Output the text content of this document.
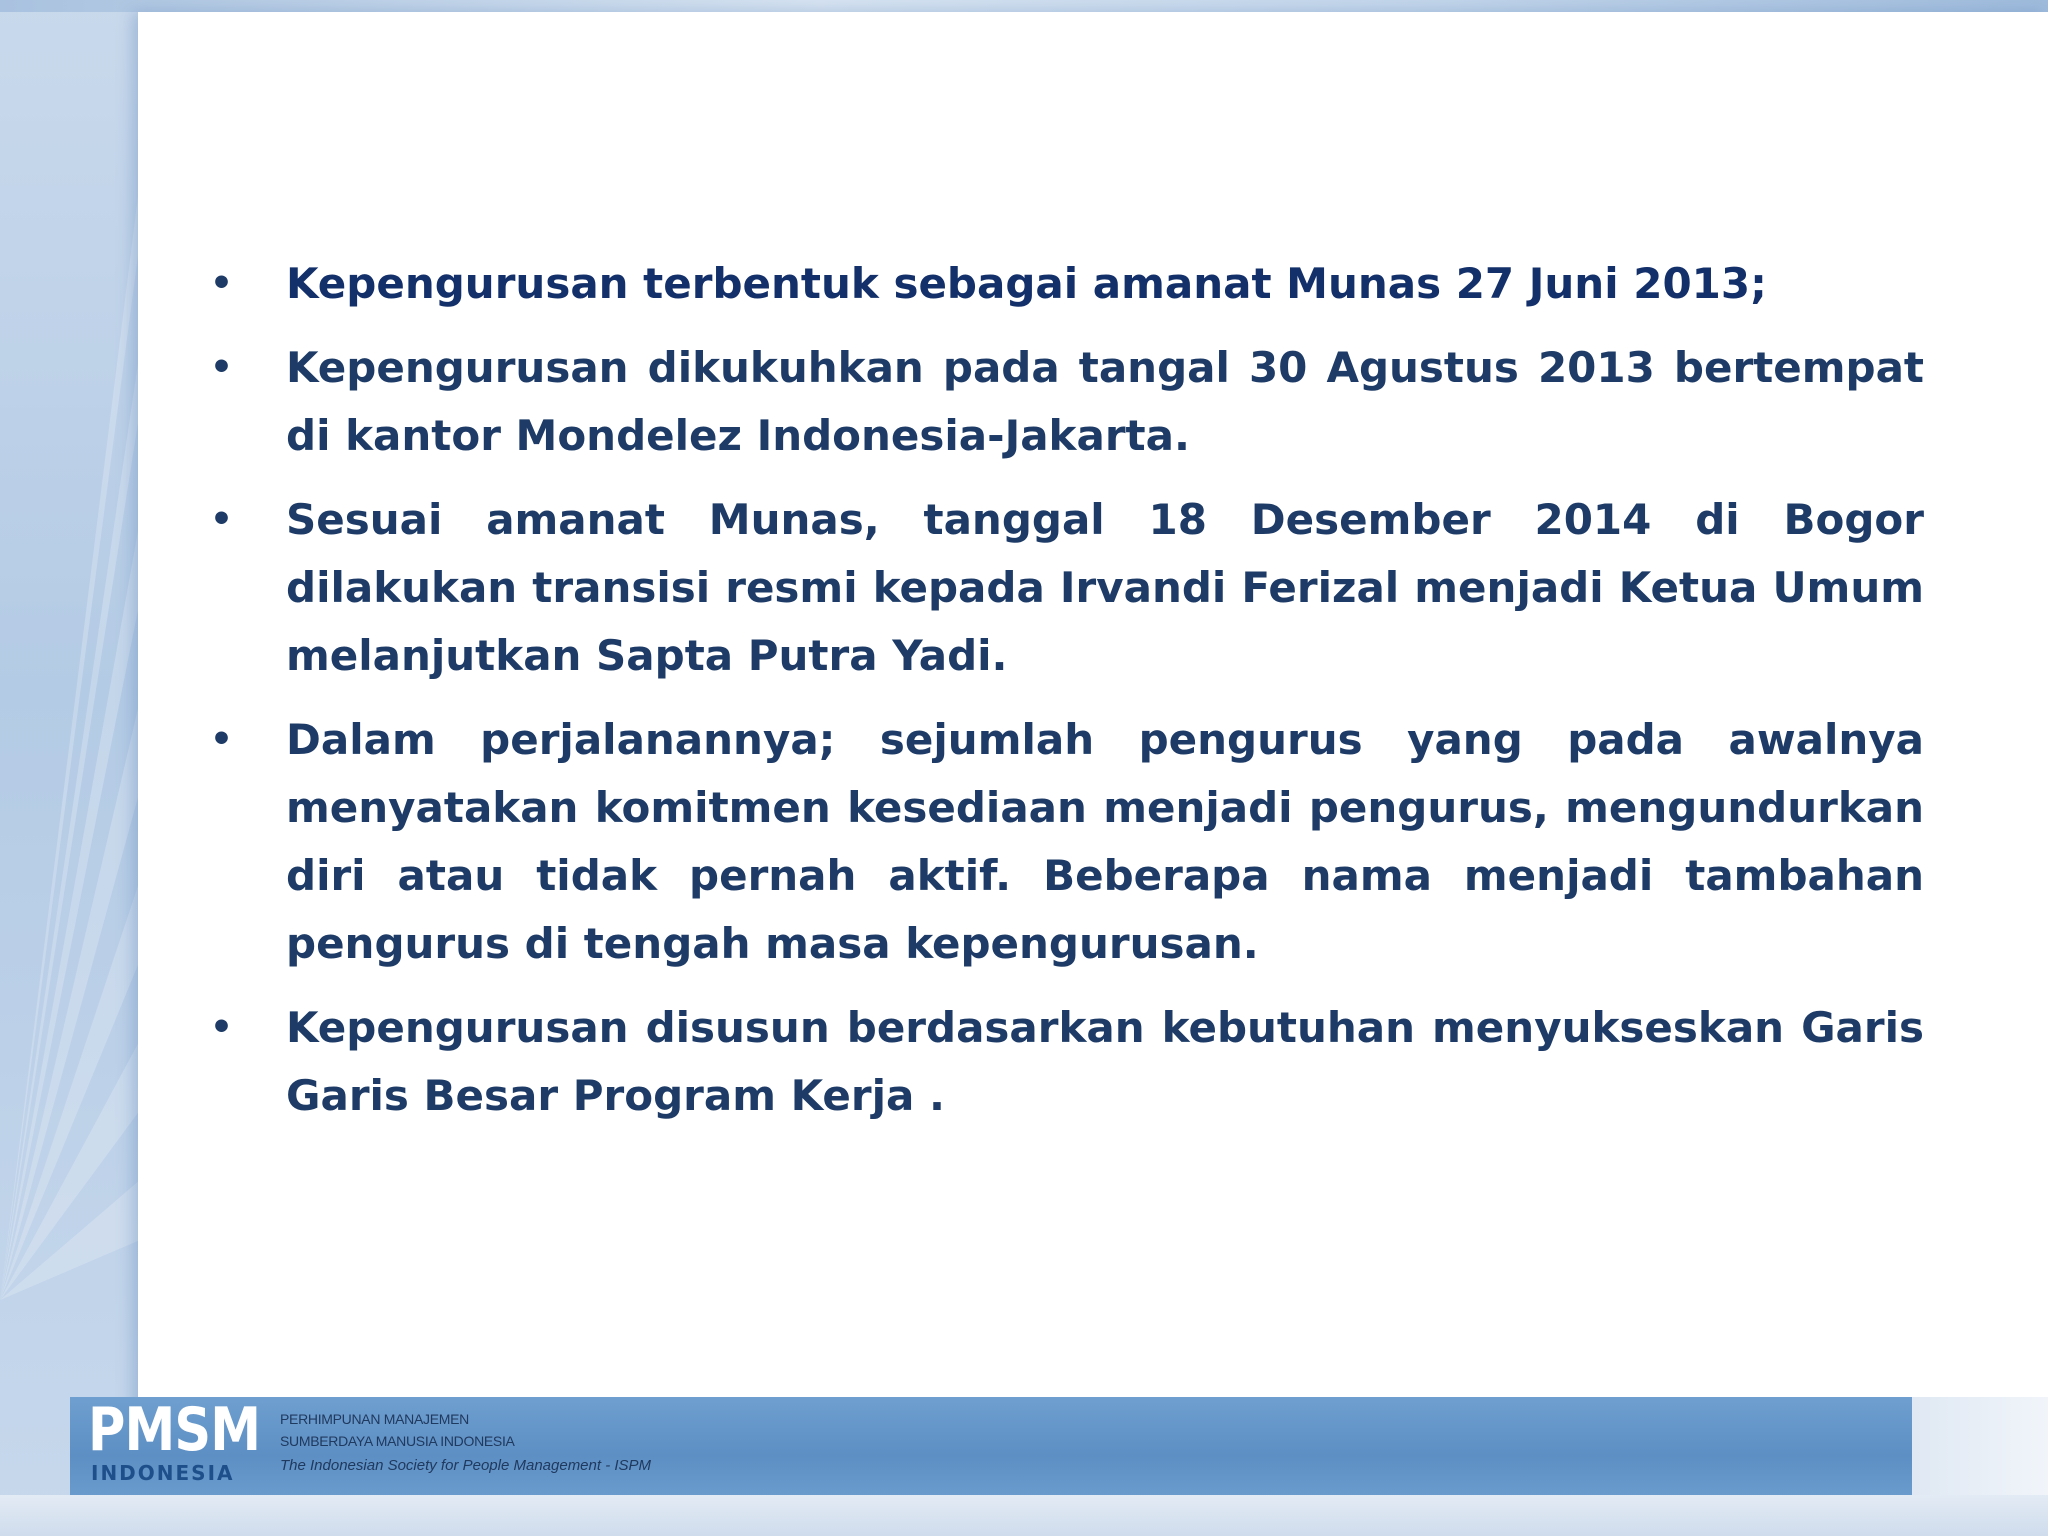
• Kepengurusan terbentuk sebagai amanat Munas 27 Juni 2013;
• Kepengurusan dikukuhkan pada tangal 30 Agustus 2013 bertempat di kantor Mondelez Indonesia-Jakarta.
• Sesuai amanat Munas, tanggal 18 Desember 2014 di Bogor dilakukan transisi resmi kepada Irvandi Ferizal menjadi Ketua Umum melanjutkan Sapta Putra Yadi.
• Dalam perjalanannya; sejumlah pengurus yang pada awalnya menyatakan komitmen kesediaan menjadi pengurus, mengundurkan diri atau tidak pernah aktif. Beberapa nama menjadi tambahan pengurus di tengah masa kepengurusan.
• Kepengurusan disusun berdasarkan kebutuhan menyukseskan Garis Garis Besar Program Kerja .
PMSM
INDONESIA
PERHIMPUNAN MANAJEMEN
SUMBERDAYA MANUSIA INDONESIA
The Indonesian Society for People Management - ISPM
